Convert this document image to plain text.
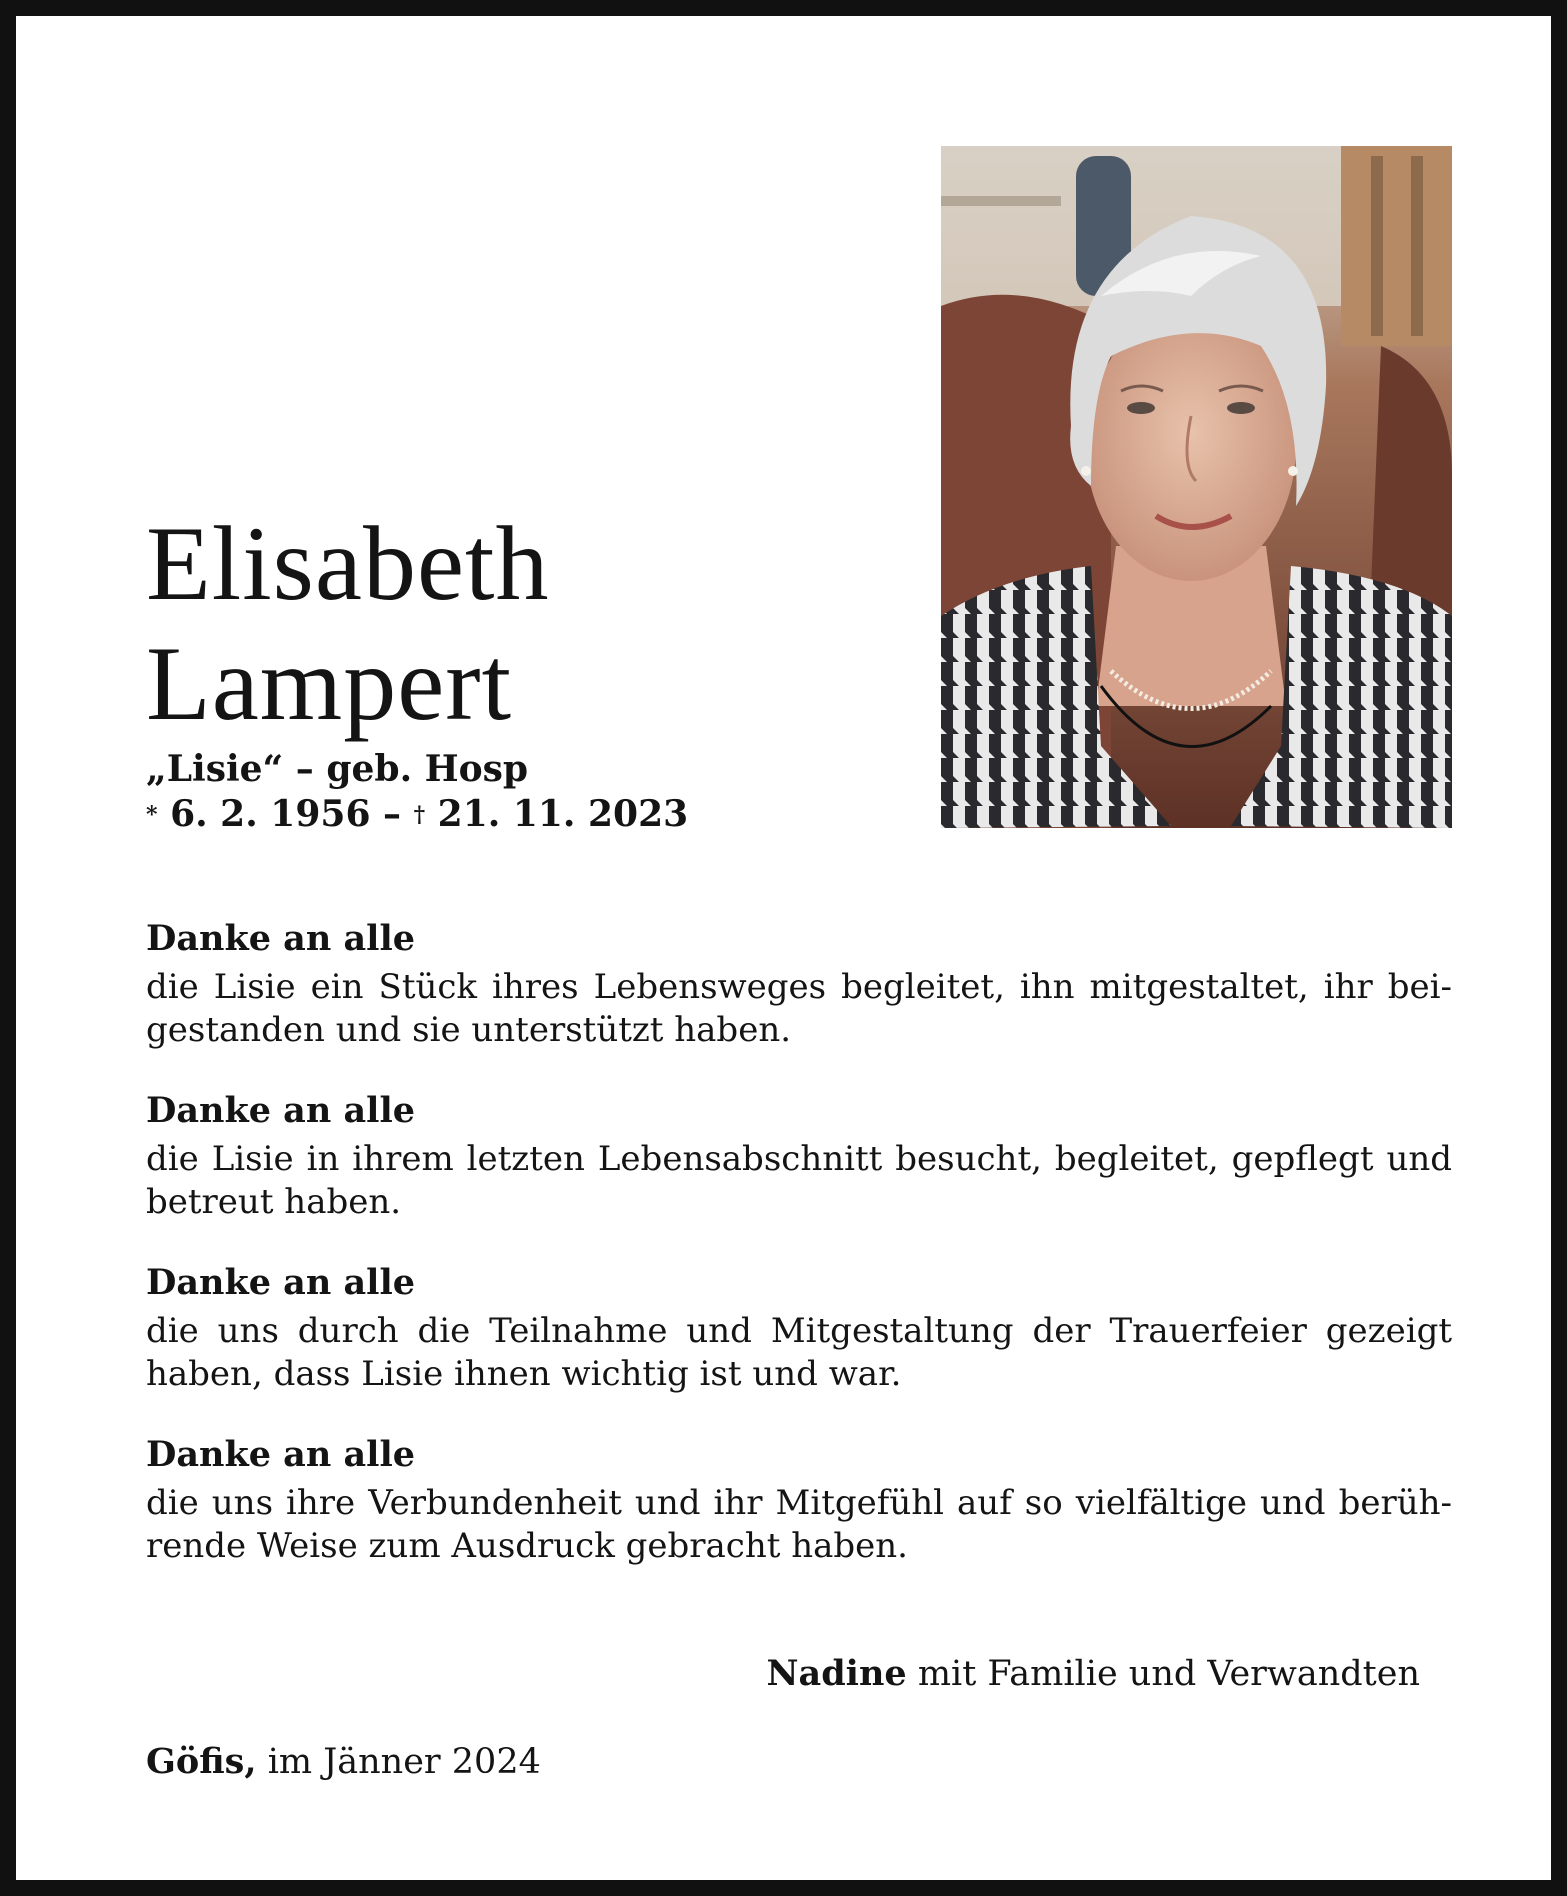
Elisabeth
Lampert
„Lisie“ – geb. Hosp
* 6. 2. 1956 – † 21. 11. 2023
Danke an alle
die Lisie ein Stück ihres Lebensweges begleitet, ihn mitgestaltet, ihr beigestanden und sie unterstützt haben.
Danke an alle
die Lisie in ihrem letzten Lebensabschnitt besucht, begleitet, gepflegt und betreut haben.
Danke an alle
die uns durch die Teilnahme und Mitgestaltung der Trauerfeier gezeigt haben, dass Lisie ihnen wichtig ist und war.
Danke an alle
die uns ihre Verbundenheit und ihr Mitgefühl auf so vielfältige und berührende Weise zum Ausdruck gebracht haben.
Nadine mit Familie und Verwandten
Göfis, im Jänner 2024
